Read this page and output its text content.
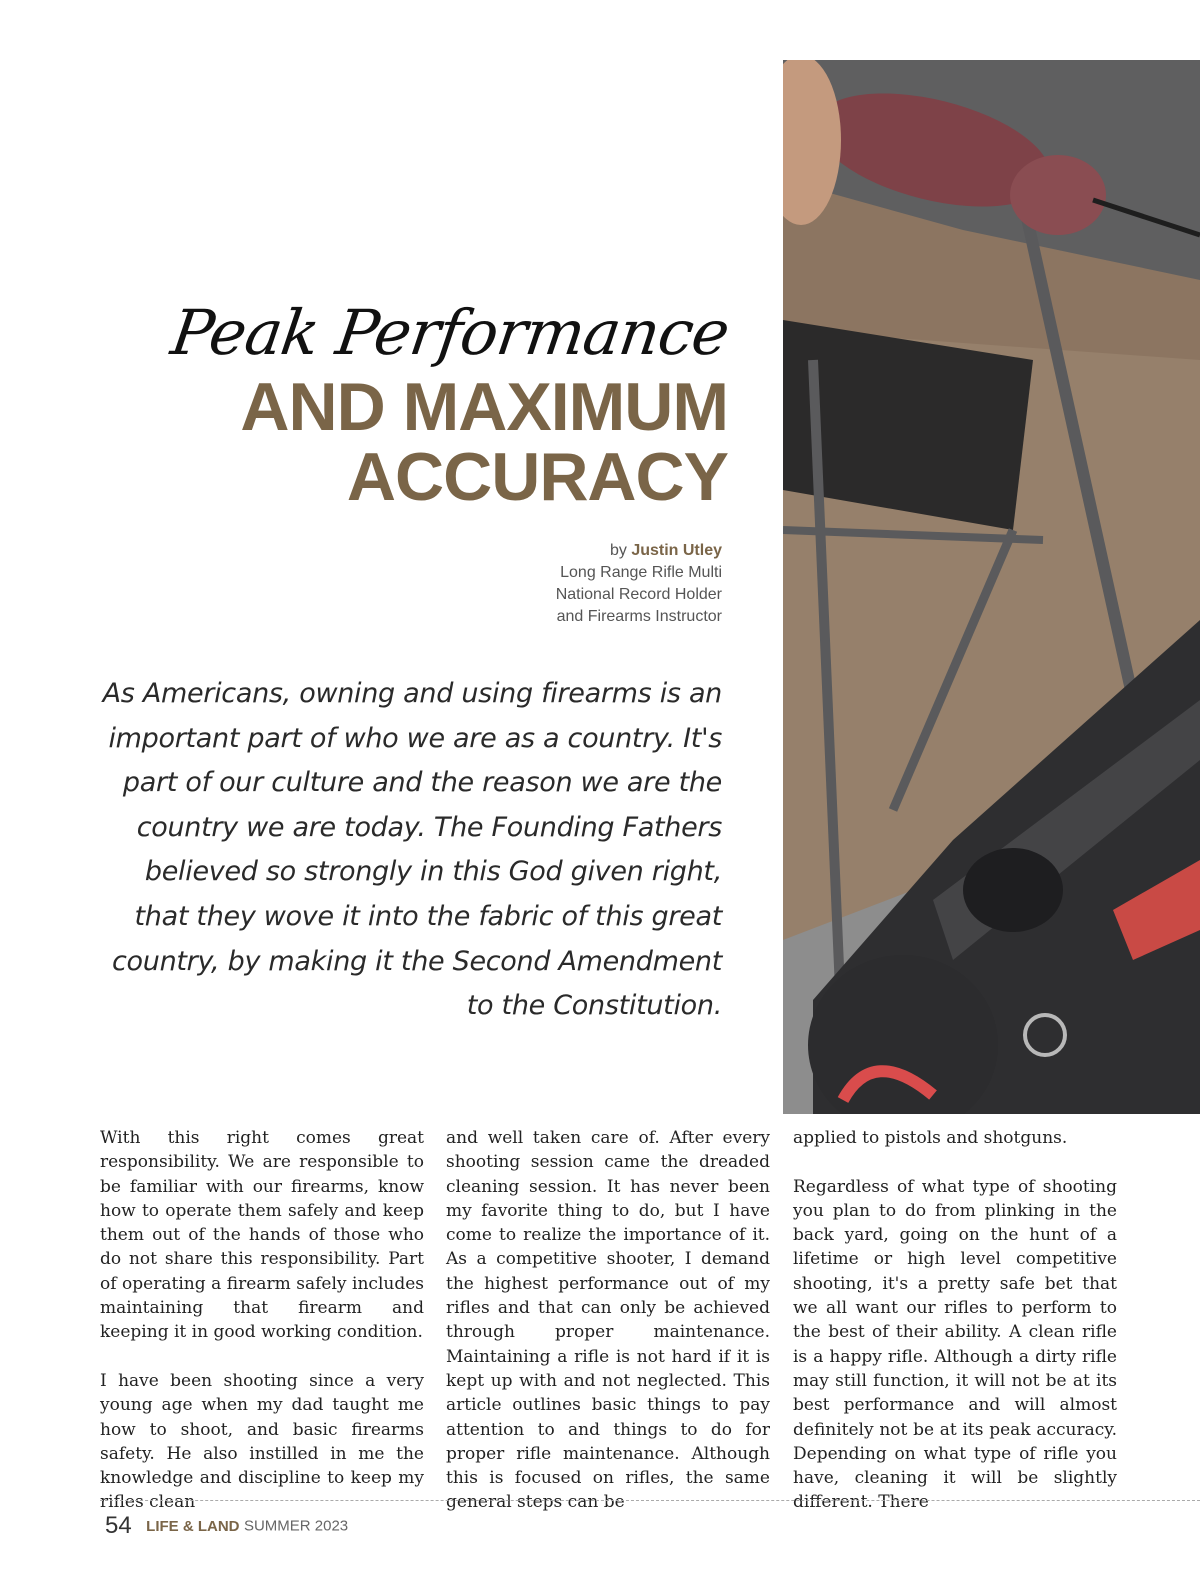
Peak Performance
AND MAXIMUM
ACCURACY
by Justin Utley
Long Range Rifle Multi
National Record Holder
and Firearms Instructor
As Americans, owning and using firearms is an important part of who we are as a country. It's part of our culture and the reason we are the country we are today. The Founding Fathers believed so strongly in this God given right, that they wove it into the fabric of this great country, by making it the Second Amendment to the Constitution.

With this right comes great responsibility. We are responsible to be familiar with our firearms, know how to operate them safely and keep them out of the hands of those who do not share this responsibility. Part of operating a firearm safely includes maintaining that firearm and keeping it in good working condition.

I have been shooting since a very young age when my dad taught me how to shoot, and basic firearms safety. He also instilled in me the knowledge and discipline to keep my rifles clean

and well taken care of. After every shooting session came the dreaded cleaning session. It has never been my favorite thing to do, but I have come to realize the importance of it. As a competitive shooter, I demand the highest performance out of my rifles and that can only be achieved through proper maintenance. Maintaining a rifle is not hard if it is kept up with and not neglected. This article outlines basic things to pay attention to and things to do for proper rifle maintenance. Although this is focused on rifles, the same general steps can be

applied to pistols and shotguns.

Regardless of what type of shooting you plan to do from plinking in the back yard, going on the hunt of a lifetime or high level competitive shooting, it's a pretty safe bet that we all want our rifles to perform to the best of their ability. A clean rifle is a happy rifle. Although a dirty rifle may still function, it will not be at its best performance and will almost definitely not be at its peak accuracy. Depending on what type of rifle you have, cleaning it will be slightly different. There

54 LIFE & LAND SUMMER 2023
